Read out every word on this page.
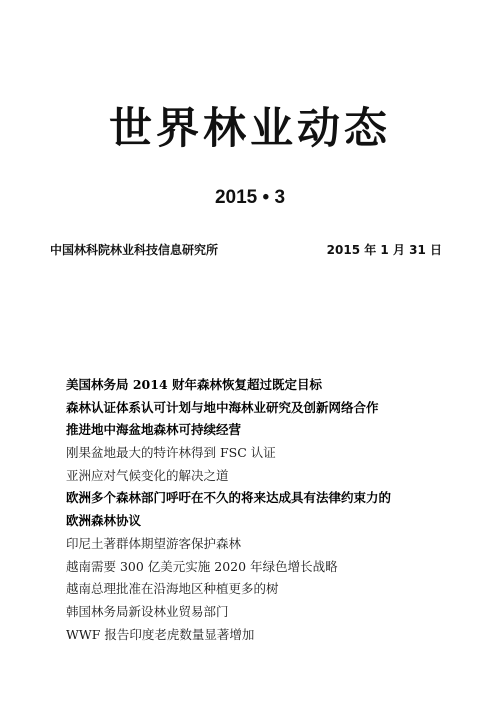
世界林业动态
2015 • 3
中国林科院林业科技信息研究所	2015 年 1 月 31 日
美国林务局 2014 财年森林恢复超过既定目标
森林认证体系认可计划与地中海林业研究及创新网络合作
推进地中海盆地森林可持续经营
刚果盆地最大的特许林得到 FSC 认证
亚洲应对气候变化的解决之道
欧洲多个森林部门呼吁在不久的将来达成具有法律约束力的
欧洲森林协议
印尼土著群体期望游客保护森林
越南需要 300 亿美元实施 2020 年绿色增长战略
越南总理批准在沿海地区种植更多的树
韩国林务局新设林业贸易部门
WWF 报告印度老虎数量显著增加
